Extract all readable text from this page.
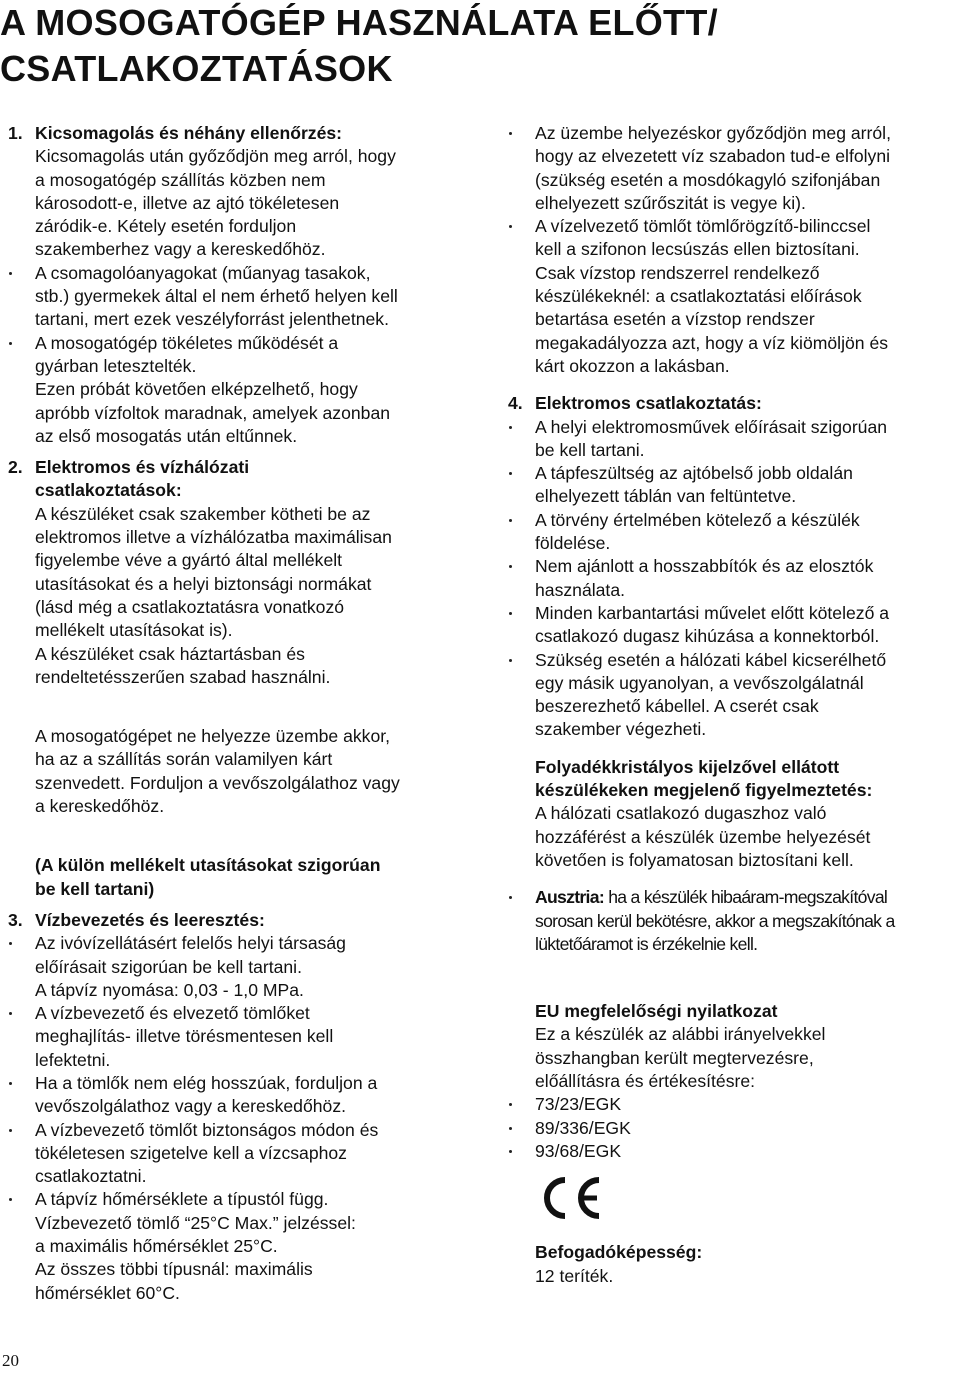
A MOSOGATÓGÉP HASZNÁLATA ELŐTT/
CSATLAKOZTATÁSOK
1. Kicsomagolás és néhány ellenőrzés:
Kicsomagolás után győződjön meg arról, hogy
a mosogatógép szállítás közben nem
károsodott-e, illetve az ajtó tökéletesen
záródik-e. Kétely esetén forduljon
szakemberhez vagy a kereskedőhöz.
A csomagolóanyagokat (műanyag tasakok,
stb.) gyermekek által el nem érhető helyen kell
tartani, mert ezek veszélyforrást jelenthetnek.
A mosogatógép tökéletes működését a
gyárban letesztelték.
Ezen próbát követően elképzelhető, hogy
apróbb vízfoltok maradnak, amelyek azonban
az első mosogatás után eltűnnek.
2. Elektromos és vízhálózati
csatlakoztatások:
A készüléket csak szakember kötheti be az
elektromos illetve a vízhálózatba maximálisan
figyelembe véve a gyártó által mellékelt
utasításokat és a helyi biztonsági normákat
(lásd még a csatlakoztatásra vonatkozó
mellékelt utasításokat is).
A készüléket csak háztartásban és
rendeltetésszerűen szabad használni.
A mosogatógépet ne helyezze üzembe akkor,
ha az a szállítás során valamilyen kárt
szenvedett. Forduljon a vevőszolgálathoz vagy
a kereskedőhöz.
(A külön mellékelt utasításokat szigorúan
be kell tartani)
3. Vízbevezetés és leeresztés:
Az ivóvízellátásért felelős helyi társaság
előírásait szigorúan be kell tartani.
A tápvíz nyomása: 0,03 - 1,0 MPa.
A vízbevezető és elvezető tömlőket
meghajlítás- illetve törésmentesen kell
lefektetni.
Ha a tömlők nem elég hosszúak, forduljon a
vevőszolgálathoz vagy a kereskedőhöz.
A vízbevezető tömlőt biztonságos módon és
tökéletesen szigetelve kell a vízcsaphoz
csatlakoztatni.
A tápvíz hőmérséklete a típustól függ.
Vízbevezető tömlő “25°C Max.” jelzéssel:
a maximális hőmérséklet 25°C.
Az összes többi típusnál: maximális
hőmérséklet 60°C.
Az üzembe helyezéskor győződjön meg arról,
hogy az elvezetett víz szabadon tud-e elfolyni
(szükség esetén a mosdókagyló szifonjában
elhelyezett szűrőszitát is vegye ki).
A vízelvezető tömlőt tömlőrögzítő-bilinccsel
kell a szifonon lecsúszás ellen biztosítani.
Csak vízstop rendszerrel rendelkező
készülékeknél: a csatlakoztatási előírások
betartása esetén a vízstop rendszer
megakadályozza azt, hogy a víz kiömöljön és
kárt okozzon a lakásban.
4. Elektromos csatlakoztatás:
A helyi elektromosművek előírásait szigorúan
be kell tartani.
A tápfeszültség az ajtóbelső jobb oldalán
elhelyezett táblán van feltüntetve.
A törvény értelmében kötelező a készülék
földelése.
Nem ajánlott a hosszabbítók és az elosztók
használata.
Minden karbantartási művelet előtt kötelező a
csatlakozó dugasz kihúzása a konnektorból.
Szükség esetén a hálózati kábel kicserélhető
egy másik ugyanolyan, a vevőszolgálatnál
beszerezhető kábellel. A cserét csak
szakember végezheti.
Folyadékkristályos kijelzővel ellátott
készülékeken megjelenő figyelmeztetés:
A hálózati csatlakozó dugaszhoz való
hozzáférést a készülék üzembe helyezését
követően is folyamatosan biztosítani kell.
Ausztria: ha a készülék hibaáram-megszakítóval
sorosan kerül bekötésre, akkor a megszakítónak a
lüktetőáramot is érzékelnie kell.
EU megfelelőségi nyilatkozat
Ez a készülék az alábbi irányelvekkel
összhangban került megtervezésre,
előállításra és értékesítésre:
73/23/EGK
89/336/EGK
93/68/EGK
Befogadóképesség:
12 teríték.
20
